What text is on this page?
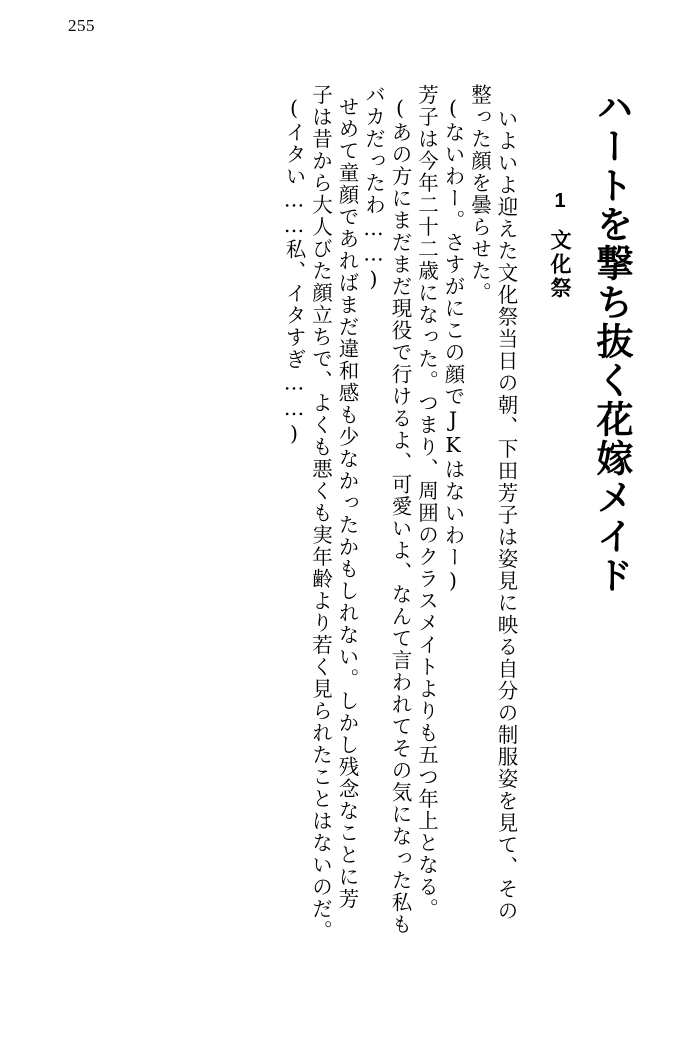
255
ハートを撃ち抜く花嫁メイド
1文化祭
いよいよ迎えた文化祭当日の朝、下田芳子は姿見に映る自分の制服姿を見て、その
整った顔を曇らせた。
(ないわー。さすがにこの顔でJKはないわー)
芳子は今年二十二歳になった。つまり、周囲のクラスメイトよりも五つ年上となる。
(あの方にまだまだ現役で行けるよ、可愛いよ、なんて言われてその気になった私も
バカだったわ……)
せめて童顔であればまだ違和感も少なかったかもしれない。しかし残念なことに芳
子は昔から大人びた顔立ちで、よくも悪くも実年齢より若く見られたことはないのだ。
(イタい……私、イタすぎ……)
